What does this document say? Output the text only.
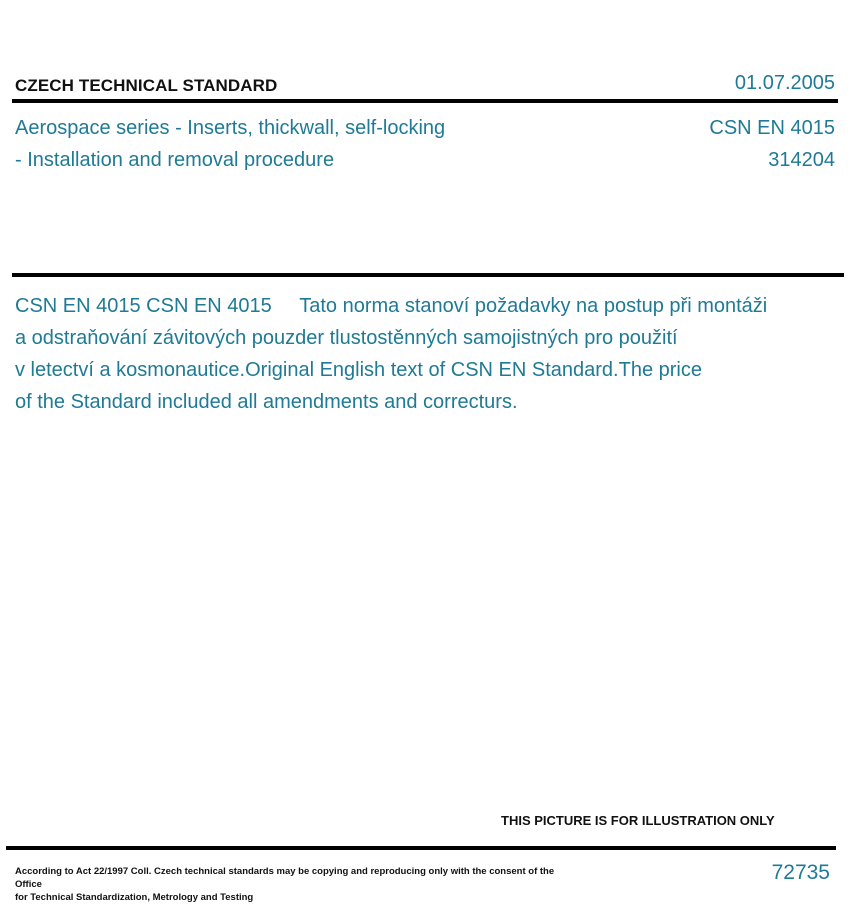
CZECH TECHNICAL STANDARD	01.07.2005
Aerospace series - Inserts, thickwall, self-locking
- Installation and removal procedure
CSN EN 4015
314204
CSN EN 4015 CSN EN 4015     Tato norma stanoví požadavky na postup při montáži
a odstraňování závitových pouzder tlustostěnných samojistných pro použití
v letectví a kosmonautice.Original English text of CSN EN Standard.The price
of the Standard included all amendments and correcturs.
THIS PICTURE IS FOR ILLUSTRATION ONLY
According to Act 22/1997 Coll. Czech technical standards may be copying and reproducing only with the consent of the Office
for Technical Standardization, Metrology and Testing
72735
